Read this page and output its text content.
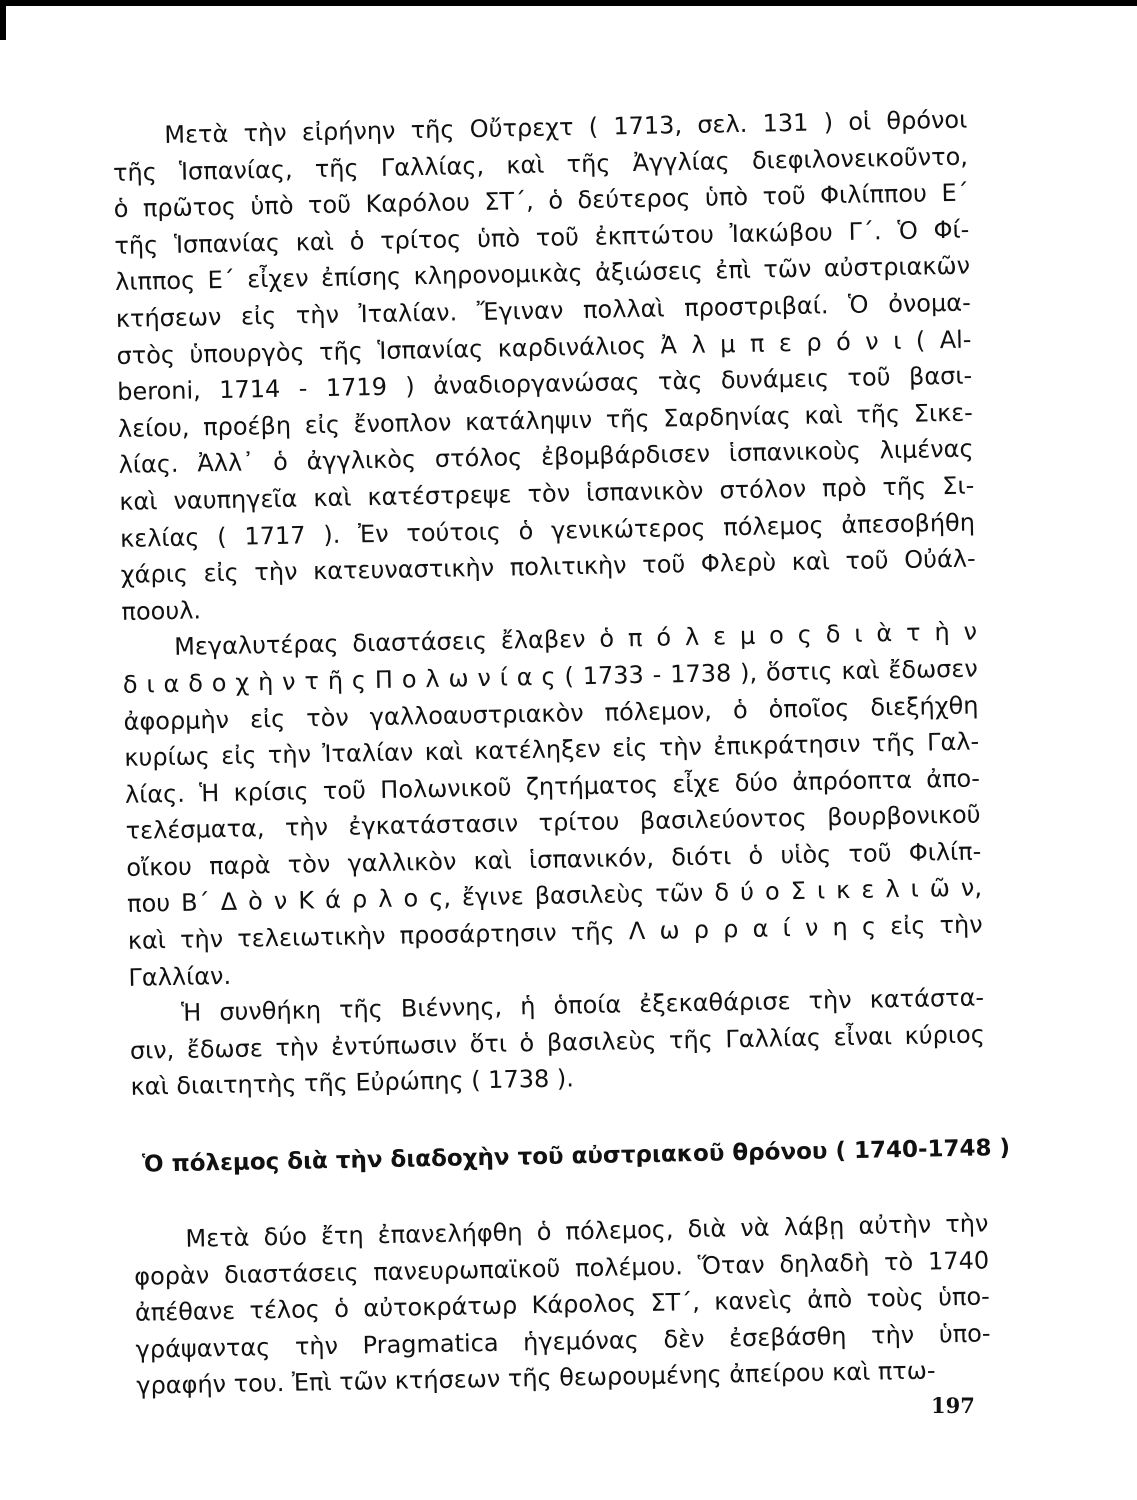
Μετὰ τὴν εἰρήνην τῆς Οὔτρεχτ ( 1713, σελ. 131 ) οἱ θρόνοι
τῆς Ἱσπανίας, τῆς Γαλλίας, καὶ τῆς Ἀγγλίας διεφιλονεικοῦντο,
ὁ πρῶτος ὑπὸ τοῦ Καρόλου ΣΤ΄, ὁ δεύτερος ὑπὸ τοῦ Φιλίππου Ε΄
τῆς Ἱσπανίας καὶ ὁ τρίτος ὑπὸ τοῦ ἐκπτώτου Ἰακώβου Γ΄. Ὁ Φί-
λιππος Ε΄ εἶχεν ἐπίσης κληρονομικὰς ἀξιώσεις ἐπὶ τῶν αὐστριακῶν
κτήσεων εἰς τὴν Ἰταλίαν. Ἔγιναν πολλαὶ προστριβαί. Ὁ ὀνομα-
στὸς ὑπουργὸς τῆς Ἱσπανίας καρδινάλιος Ἀ λ μ π ε ρ ό ν ι ( Al-
beroni, 1714 - 1719 ) ἀναδιοργανώσας τὰς δυνάμεις τοῦ βασι-
λείου, προέβη εἰς ἔνοπλον κατάληψιν τῆς Σαρδηνίας καὶ τῆς Σικε-
λίας. Ἀλλ᾽ ὁ ἀγγλικὸς στόλος ἐβομβάρδισεν ἱσπανικοὺς λιμένας
καὶ ναυπηγεῖα καὶ κατέστρεψε τὸν ἱσπανικὸν στόλον πρὸ τῆς Σι-
κελίας ( 1717 ). Ἐν τούτοις ὁ γενικώτερος πόλεμος ἀπεσοβήθη
χάρις εἰς τὴν κατευναστικὴν πολιτικὴν τοῦ Φλερὺ καὶ τοῦ Οὐάλ-
ποουλ.
Μεγαλυτέρας διαστάσεις ἔλαβεν ὁ π ό λ ε μ ο ς δ ι ὰ τ ὴ ν
δ ι α δ ο χ ὴ ν τ ῆ ς Π ο λ ω ν ί α ς ( 1733 - 1738 ), ὅστις καὶ ἔδωσεν
ἀφορμὴν εἰς τὸν γαλλοαυστριακὸν πόλεμον, ὁ ὁποῖος διεξήχθη
κυρίως εἰς τὴν Ἰταλίαν καὶ κατέληξεν εἰς τὴν ἐπικράτησιν τῆς Γαλ-
λίας. Ἡ κρίσις τοῦ Πολωνικοῦ ζητήματος εἶχε δύο ἀπρόοπτα ἀπο-
τελέσματα, τὴν ἐγκατάστασιν τρίτου βασιλεύοντος βουρβονικοῦ
οἴκου παρὰ τὸν γαλλικὸν καὶ ἱσπανικόν, διότι ὁ υἱὸς τοῦ Φιλίπ-
που Β΄ Δ ὸ ν Κ ά ρ λ ο ς, ἔγινε βασιλεὺς τῶν δ ύ ο Σ ι κ ε λ ι ῶ ν,
καὶ τὴν τελειωτικὴν προσάρτησιν τῆς Λ ω ρ ρ α ί ν η ς εἰς τὴν
Γαλλίαν.
Ἡ συνθήκη τῆς Βιέννης, ἡ ὁποία ἐξεκαθάρισε τὴν κατάστα-
σιν, ἔδωσε τὴν ἐντύπωσιν ὅτι ὁ βασιλεὺς τῆς Γαλλίας εἶναι κύριος
καὶ διαιτητὴς τῆς Εὐρώπης ( 1738 ).
Ὁ πόλεμος διὰ τὴν διαδοχὴν τοῦ αὐστριακοῦ θρόνου ( 1740-1748 )
Μετὰ δύο ἔτη ἐπανελήφθη ὁ πόλεμος, διὰ νὰ λάβῃ αὐτὴν τὴν
φορὰν διαστάσεις πανευρωπαϊκοῦ πολέμου. Ὅταν δηλαδὴ τὸ 1740
ἀπέθανε τέλος ὁ αὐτοκράτωρ Κάρολος ΣΤ΄, κανεὶς ἀπὸ τοὺς ὑπο-
γράψαντας τὴν Pragmatica ἡγεμόνας δὲν ἐσεβάσθη τὴν ὑπο-
γραφήν του. Ἐπὶ τῶν κτήσεων τῆς θεωρουμένης ἀπείρου καὶ πτω-
197
